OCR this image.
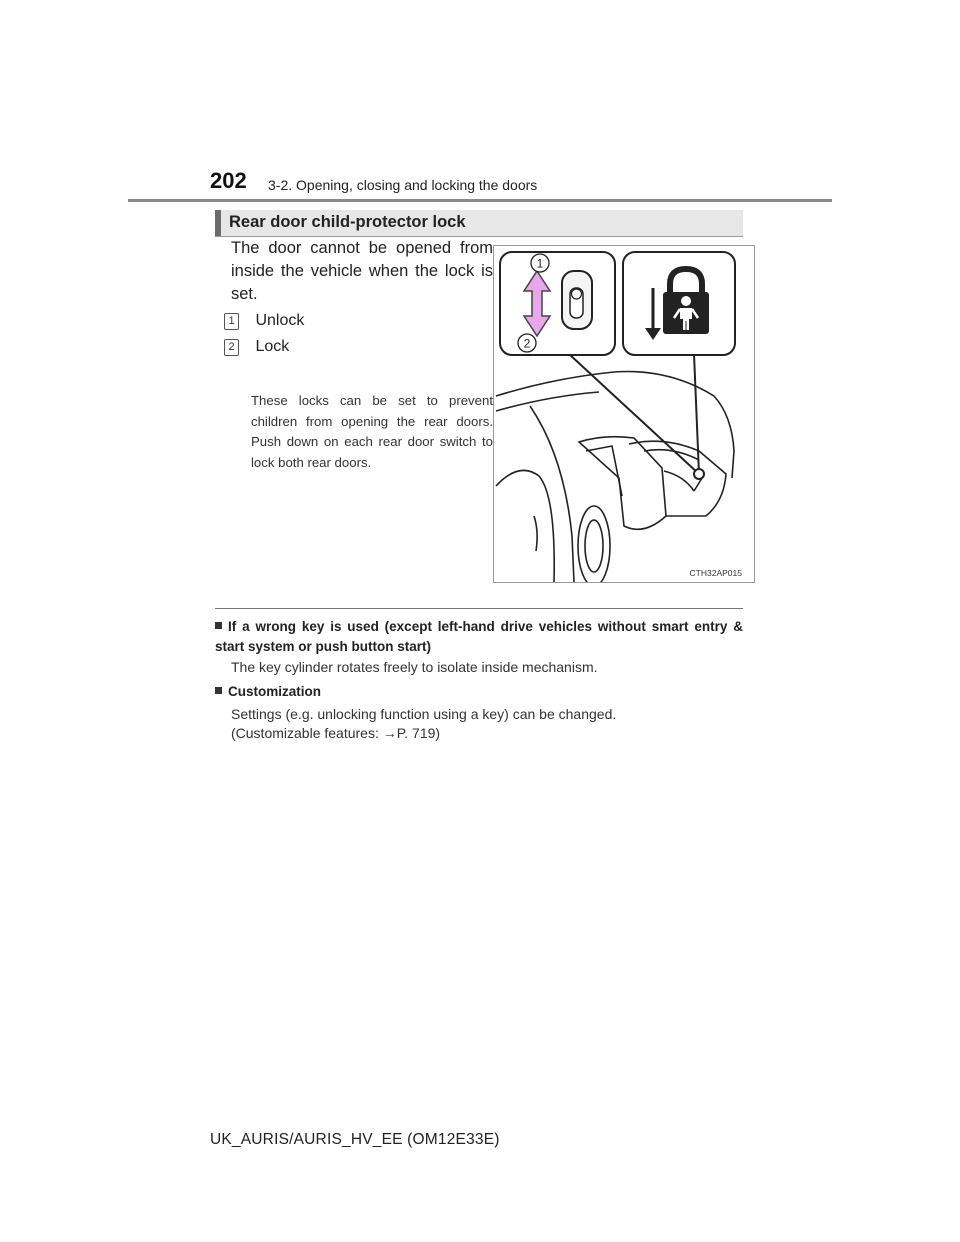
202 3-2. Opening, closing and locking the doors
Rear door child-protector lock
The door cannot be opened from inside the vehicle when the lock is set.
1 Unlock
2 Lock
These locks can be set to prevent children from opening the rear doors. Push down on each rear door switch to lock both rear doors.
1
2
CTH32AP015
If a wrong key is used (except left-hand drive vehicles without smart entry & start system or push button start)
The key cylinder rotates freely to isolate inside mechanism.
Customization
Settings (e.g. unlocking function using a key) can be changed.
(Customizable features: →P. 719)
UK_AURIS/AURIS_HV_EE (OM12E33E)
